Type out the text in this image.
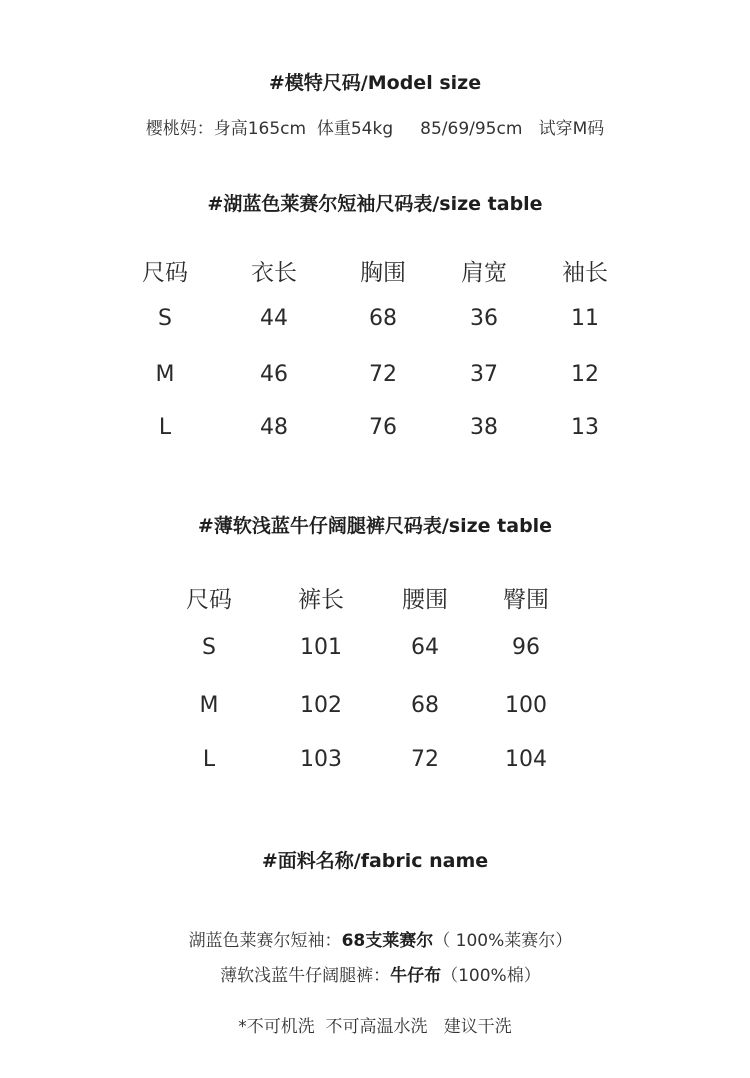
#模特尺码/Model size
樱桃妈：身高165cm  体重54kg     85/69/95cm   试穿M码
#湖蓝色莱赛尔短袖尺码表/size table
尺码	衣长	胸围	肩宽	袖长
S	44	68	36	11
M	46	72	37	12
L	48	76	38	13
#薄软浅蓝牛仔阔腿裤尺码表/size table
尺码	裤长	腰围	臀围
S	101	64	96
M	102	68	100
L	103	72	104
#面料名称/fabric name

湖蓝色莱赛尔短袖：68支莱赛尔（ 100%莱赛尔）

薄软浅蓝牛仔阔腿裤：牛仔布（100%棉）

*不可机洗  不可高温水洗   建议干洗
